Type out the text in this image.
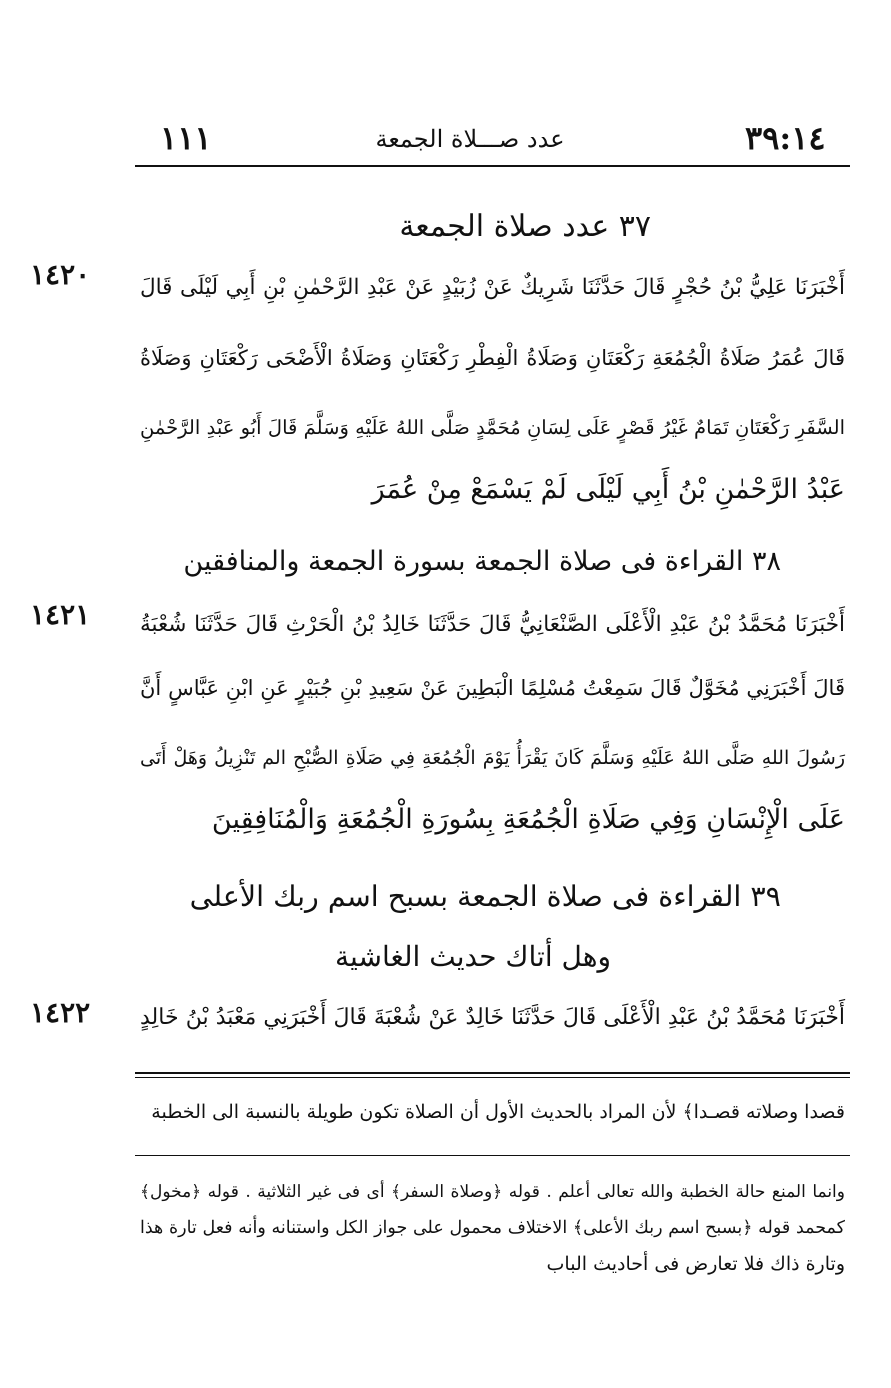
١١١	عدد صـــلاة الجمعة	٣٩:١٤
٣٧ عدد صلاة الجمعة
١٤٢٠	أَخْبَرَنَا عَلِيُّ بْنُ حُجْرٍ قَالَ حَدَّثَنَا شَرِيكٌ عَنْ زُبَيْدٍ عَنْ عَبْدِ الرَّحْمٰنِ بْنِ أَبِي لَيْلَى قَالَ
قَالَ عُمَرُ صَلَاةُ الْجُمُعَةِ رَكْعَتَانِ وَصَلَاةُ الْفِطْرِ رَكْعَتَانِ وَصَلَاةُ الْأَضْحَى رَكْعَتَانِ وَصَلَاةُ
السَّفَرِ رَكْعَتَانِ تَمَامٌ غَيْرُ قَصْرٍ عَلَى لِسَانِ مُحَمَّدٍ صَلَّى اللهُ عَلَيْهِ وَسَلَّمَ قَالَ أَبُو عَبْدِ الرَّحْمٰنِ
عَبْدُ الرَّحْمٰنِ بْنُ أَبِي لَيْلَى لَمْ يَسْمَعْ مِنْ عُمَرَ
٣٨ القراءة فى صلاة الجمعة بسورة الجمعة والمنافقين
١٤٢١	أَخْبَرَنَا مُحَمَّدُ بْنُ عَبْدِ الْأَعْلَى الصَّنْعَانِيُّ قَالَ حَدَّثَنَا خَالِدُ بْنُ الْحَرْثِ قَالَ حَدَّثَنَا شُعْبَةُ
قَالَ أَخْبَرَنِي مُخَوَّلٌ قَالَ سَمِعْتُ مُسْلِمًا الْبَطِينَ عَنْ سَعِيدِ بْنِ جُبَيْرٍ عَنِ ابْنِ عَبَّاسٍ أَنَّ
رَسُولَ اللهِ صَلَّى اللهُ عَلَيْهِ وَسَلَّمَ كَانَ يَقْرَأُ يَوْمَ الْجُمُعَةِ فِي صَلَاةِ الصُّبْحِ الم تَنْزِيلُ وَهَلْ أَتَى
عَلَى الْإِنْسَانِ وَفِي صَلَاةِ الْجُمُعَةِ بِسُورَةِ الْجُمُعَةِ وَالْمُنَافِقِينَ
٣٩ القراءة فى صلاة الجمعة بسبح اسم ربك الأعلى
وهل أتاك حديث الغاشية
١٤٢٢	أَخْبَرَنَا مُحَمَّدُ بْنُ عَبْدِ الْأَعْلَى قَالَ حَدَّثَنَا خَالِدٌ عَنْ شُعْبَةَ قَالَ أَخْبَرَنِي مَعْبَدُ بْنُ خَالِدٍ
قصدا وصلاته قصـدا﴾ لأن المراد بالحديث الأول أن الصلاة تكون طويلة بالنسبة الى الخطبة
وانما المنع حالة الخطبة والله تعالى أعلم . قوله ﴿وصلاة السفر﴾ أى فى غير الثلاثية . قوله ﴿مخول﴾
كمحمد قوله ﴿بسبح اسم ربك الأعلى﴾ الاختلاف محمول على جواز الكل واستنانه وأنه فعل تارة هذا
وتارة ذاك فلا تعارض فى أحاديث الباب
